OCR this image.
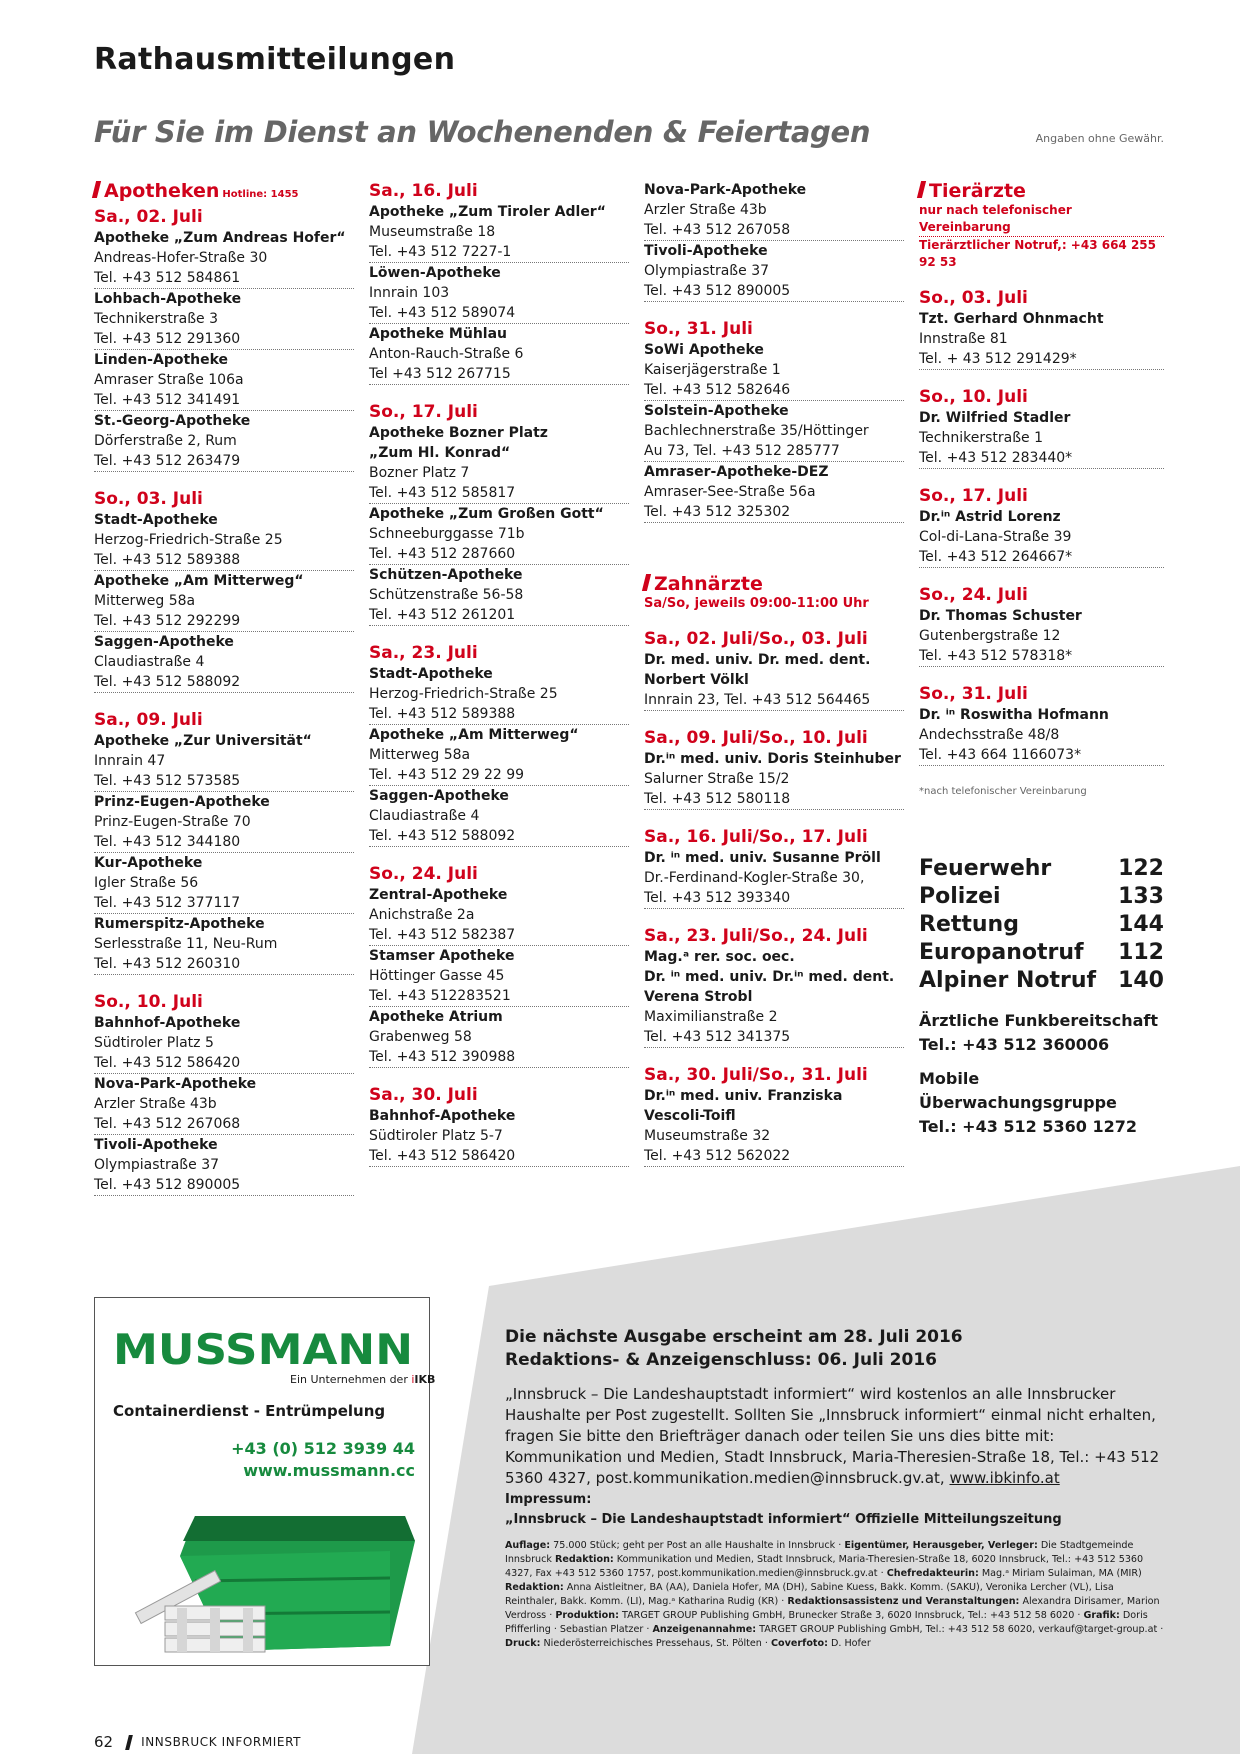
Rathausmitteilungen
Für Sie im Dienst an Wochenenden & Feiertagen	Angaben ohne Gewähr.
Apotheken Hotline: 1455
Sa., 02. Juli
Apotheke „Zum Andreas Hofer“
Andreas-Hofer-Straße 30
Tel. +43 512 584861
Lohbach-Apotheke
Technikerstraße 3
Tel. +43 512 291360
Linden-Apotheke
Amraser Straße 106a
Tel. +43 512 341491
St.-Georg-Apotheke
Dörferstraße 2, Rum
Tel. +43 512 263479
So., 03. Juli
Stadt-Apotheke
Herzog-Friedrich-Straße 25
Tel. +43 512 589388
Apotheke „Am Mitterweg“
Mitterweg 58a
Tel. +43 512 292299
Saggen-Apotheke
Claudiastraße 4
Tel. +43 512 588092
Sa., 09. Juli
Apotheke „Zur Universität“
Innrain 47
Tel. +43 512 573585
Prinz-Eugen-Apotheke
Prinz-Eugen-Straße 70
Tel. +43 512 344180
Kur-Apotheke
Igler Straße 56
Tel. +43 512 377117
Rumerspitz-Apotheke
Serlesstraße 11, Neu-Rum
Tel. +43 512 260310
So., 10. Juli
Bahnhof-Apotheke
Südtiroler Platz 5
Tel. +43 512 586420
Nova-Park-Apotheke
Arzler Straße 43b
Tel. +43 512 267068
Tivoli-Apotheke
Olympiastraße 37
Tel. +43 512 890005
Sa., 16. Juli
Apotheke „Zum Tiroler Adler“
Museumstraße 18
Tel. +43 512 7227-1
Löwen-Apotheke
Innrain 103
Tel. +43 512 589074
Apotheke Mühlau
Anton-Rauch-Straße 6
Tel +43 512 267715
So., 17. Juli
Apotheke Bozner Platz
„Zum Hl. Konrad“
Bozner Platz 7
Tel. +43 512 585817
Apotheke „Zum Großen Gott“
Schneeburggasse 71b
Tel. +43 512 287660
Schützen-Apotheke
Schützenstraße 56-58
Tel. +43 512 261201
Sa., 23. Juli
Stadt-Apotheke
Herzog-Friedrich-Straße 25
Tel. +43 512 589388
Apotheke „Am Mitterweg“
Mitterweg 58a
Tel. +43 512 29 22 99
Saggen-Apotheke
Claudiastraße 4
Tel. +43 512 588092
So., 24. Juli
Zentral-Apotheke
Anichstraße 2a
Tel. +43 512 582387
Stamser Apotheke
Höttinger Gasse 45
Tel. +43 512283521
Apotheke Atrium
Grabenweg 58
Tel. +43 512 390988
Sa., 30. Juli
Bahnhof-Apotheke
Südtiroler Platz 5-7
Tel. +43 512 586420
Nova-Park-Apotheke
Arzler Straße 43b
Tel. +43 512 267058
Tivoli-Apotheke
Olympiastraße 37
Tel. +43 512 890005
So., 31. Juli
SoWi Apotheke
Kaiserjägerstraße 1
Tel. +43 512 582646
Solstein-Apotheke
Bachlechnerstraße 35/Höttinger
Au 73, Tel. +43 512 285777
Amraser-Apotheke-DEZ
Amraser-See-Straße 56a
Tel. +43 512 325302
Zahnärzte
Sa/So, jeweils 09:00-11:00 Uhr
Sa., 02. Juli/So., 03. Juli
Dr. med. univ. Dr. med. dent.
Norbert Völkl
Innrain 23, Tel. +43 512 564465
Sa., 09. Juli/So., 10. Juli
Dr.ⁱⁿ med. univ. Doris Steinhuber
Salurner Straße 15/2
Tel. +43 512 580118
Sa., 16. Juli/So., 17. Juli
Dr. ⁱⁿ med. univ. Susanne Pröll
Dr.-Ferdinand-Kogler-Straße 30,
Tel. +43 512 393340
Sa., 23. Juli/So., 24. Juli
Mag.ᵃ rer. soc. oec.
Dr. ⁱⁿ med. univ. Dr.ⁱⁿ med. dent.
Verena Strobl
Maximilianstraße 2
Tel. +43 512 341375
Sa., 30. Juli/So., 31. Juli
Dr.ⁱⁿ med. univ. Franziska
Vescoli-Toifl
Museumstraße 32
Tel. +43 512 562022
Tierärzte
nur nach telefonischer Vereinbarung
Tierärztlicher Notruf,: +43 664 255 92 53
So., 03. Juli
Tzt. Gerhard Ohnmacht
Innstraße 81
Tel. + 43 512 291429*
So., 10. Juli
Dr. Wilfried Stadler
Technikerstraße 1
Tel. +43 512 283440*
So., 17. Juli
Dr.ⁱⁿ Astrid Lorenz
Col-di-Lana-Straße 39
Tel. +43 512 264667*
So., 24. Juli
Dr. Thomas Schuster
Gutenbergstraße 12
Tel. +43 512 578318*
So., 31. Juli
Dr. ⁱⁿ Roswitha Hofmann
Andechsstraße 48/8
Tel. +43 664 1166073*
*nach telefonischer Vereinbarung
Feuerwehr	122
Polizei	133
Rettung	144
Europanotruf 112
Alpiner Notruf 140
Ärztliche Funkbereitschaft
Tel.: +43 512 360006
Mobile Überwachungsgruppe
Tel.: +43 512 5360 1272
MUSSMANN
Ein Unternehmen der iIKB
Containerdienst - Entrümpelung
+43 (0) 512 3939 44
www.mussmann.cc
Die nächste Ausgabe erscheint am 28. Juli 2016
Redaktions- & Anzeigenschluss: 06. Juli 2016
„Innsbruck – Die Landeshauptstadt informiert“ wird kostenlos an alle Innsbrucker Haushalte per Post zugestellt. Sollten Sie „Innsbruck informiert“ einmal nicht erhalten, fragen Sie bitte den Briefträger danach oder teilen Sie uns dies bitte mit: Kommunikation und Medien, Stadt Innsbruck, Maria-Theresien-Straße 18, Tel.: +43 512 5360 4327, post.kommunikation.medien@innsbruck.gv.at, www.ibkinfo.at
Impressum:
„Innsbruck – Die Landeshauptstadt informiert“ Offizielle Mitteilungszeitung
Auflage: 75.000 Stück; geht per Post an alle Haushalte in Innsbruck · Eigentümer, Herausgeber, Verleger: Die Stadtgemeinde Innsbruck Redaktion: Kommunikation und Medien, Stadt Innsbruck, Maria-Theresien-Straße 18, 6020 Innsbruck, Tel.: +43 512 5360 4327, Fax +43 512 5360 1757, post.kommunikation.medien@innsbruck.gv.at · Chefredakteurin: Mag.ᵃ Miriam Sulaiman, MA (MIR) Redaktion: Anna Aistleitner, BA (AA), Daniela Hofer, MA (DH), Sabine Kuess, Bakk. Komm. (SAKU), Veronika Lercher (VL), Lisa Reinthaler, Bakk. Komm. (LI), Mag.ᵃ Katharina Rudig (KR) · Redaktionsassistenz und Veranstaltungen: Alexandra Dirisamer, Marion Verdross · Produktion: TARGET GROUP Publishing GmbH, Brunecker Straße 3, 6020 Innsbruck, Tel.: +43 512 58 6020 · Grafik: Doris Pfifferling · Sebastian Platzer · Anzeigenannahme: TARGET GROUP Publishing GmbH, Tel.: +43 512 58 6020, verkauf@target-group.at · Druck: Niederösterreichisches Pressehaus, St. Pölten · Coverfoto: D. Hofer
62 INNSBRUCK INFORMIERT
